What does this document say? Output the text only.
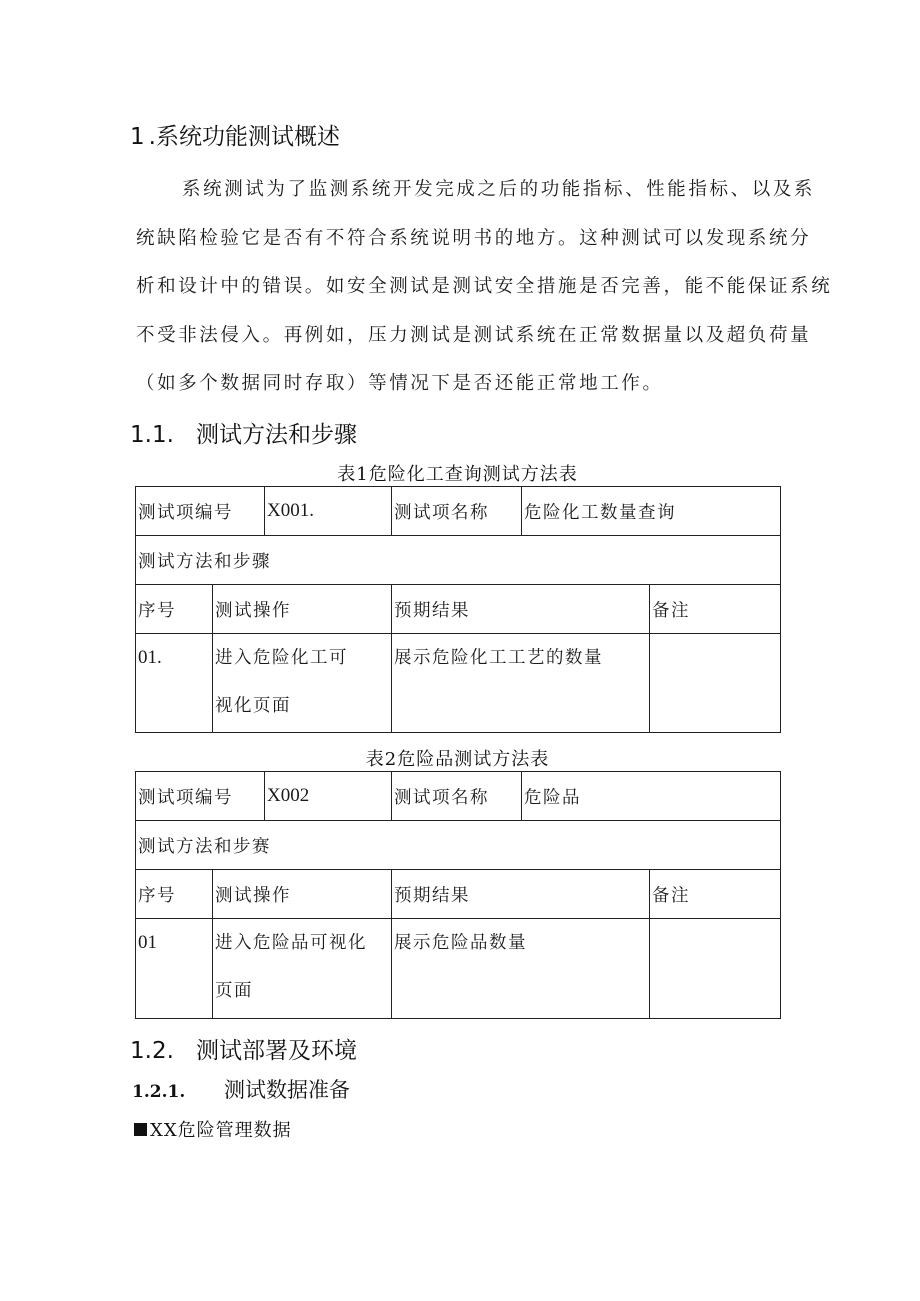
1 .系统功能测试概述
系统测试为了监测系统开发完成之后的功能指标、性能指标、以及系
统缺陷检验它是否有不符合系统说明书的地方。这种测试可以发现系统分
析和设计中的错误。如安全测试是测试安全措施是否完善，能不能保证系统
不受非法侵入。再例如，压力测试是测试系统在正常数据量以及超负荷量
（如多个数据同时存取）等情况下是否还能正常地工作。
1.1. 测试方法和步骤
表1危险化工查询测试方法表
测试项编号		X001.	测试项名称	危险化工数量查询	
测试方法和步骤					
序号	测试操作		预期结果		备注
01.	进入危险化工可视化页面		展示危险化工工艺的数量		
表2危险品测试方法表
测试项编号		X002	测试项名称	危险品	
测试方法和步赛					
序号	测试操作		预期结果		备注
01	进入危险品可视化页面		展示危险品数量		
1.2. 测试部署及环境
1.2.1. 测试数据准备
XX危险管理数据
